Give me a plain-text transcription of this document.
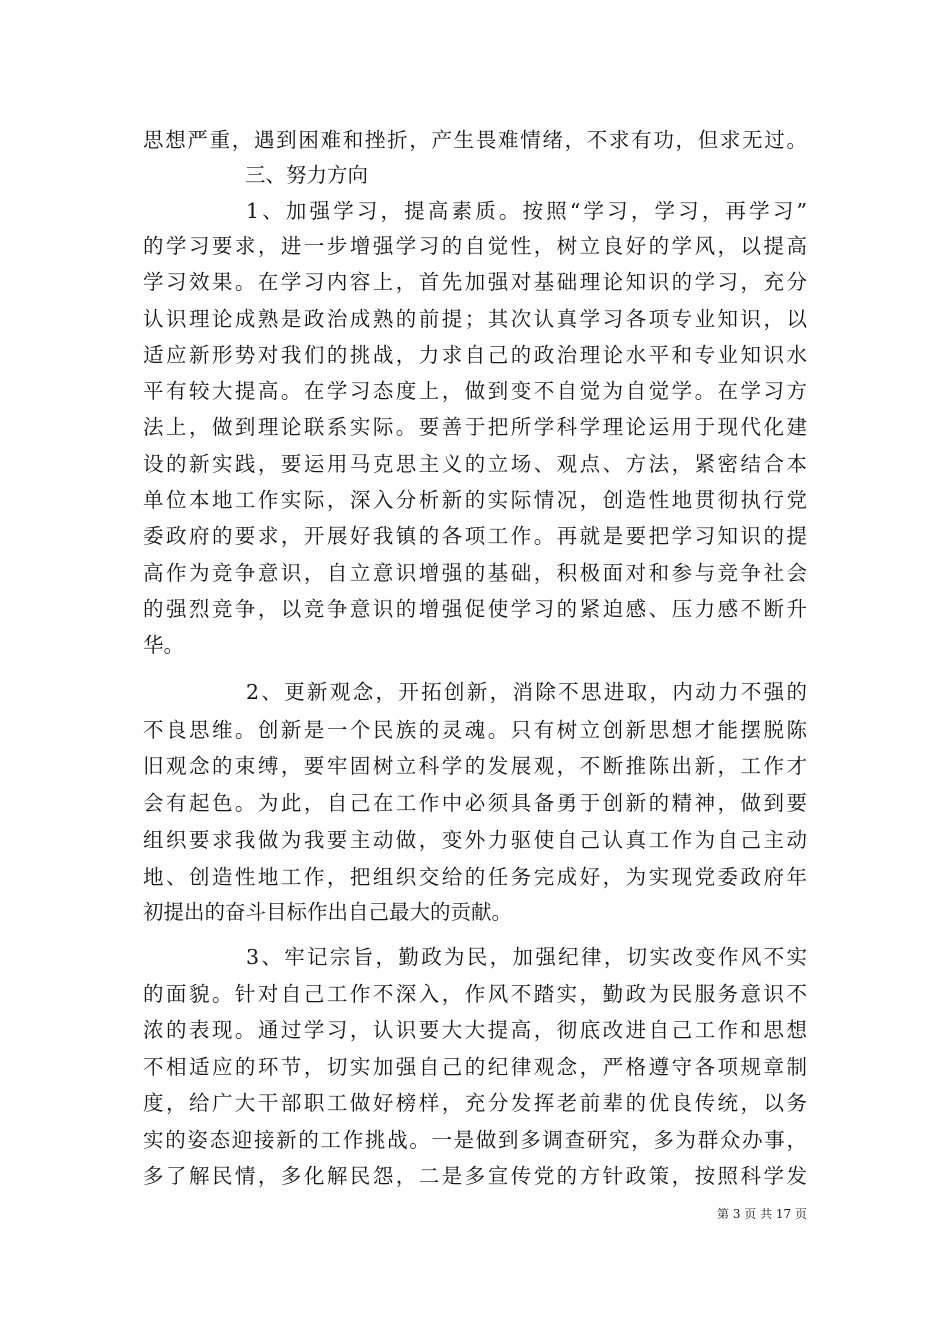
思想严重，遇到困难和挫折，产生畏难情绪，不求有功，但求无过。
三、努力方向
1、加强学习，提高素质。按照“学习，学习，再学习”
的学习要求，进一步增强学习的自觉性，树立良好的学风，以提高
学习效果。在学习内容上，首先加强对基础理论知识的学习，充分
认识理论成熟是政治成熟的前提；其次认真学习各项专业知识，以
适应新形势对我们的挑战，力求自己的政治理论水平和专业知识水
平有较大提高。在学习态度上，做到变不自觉为自觉学。在学习方
法上，做到理论联系实际。要善于把所学科学理论运用于现代化建
设的新实践，要运用马克思主义的立场、观点、方法，紧密结合本
单位本地工作实际，深入分析新的实际情况，创造性地贯彻执行党
委政府的要求，开展好我镇的各项工作。再就是要把学习知识的提
高作为竞争意识，自立意识增强的基础，积极面对和参与竞争社会
的强烈竞争，以竞争意识的增强促使学习的紧迫感、压力感不断升
华。
2、更新观念，开拓创新，消除不思进取，内动力不强的
不良思维。创新是一个民族的灵魂。只有树立创新思想才能摆脱陈
旧观念的束缚，要牢固树立科学的发展观，不断推陈出新，工作才
会有起色。为此，自己在工作中必须具备勇于创新的精神，做到要
组织要求我做为我要主动做，变外力驱使自己认真工作为自己主动
地、创造性地工作，把组织交给的任务完成好，为实现党委政府年
初提出的奋斗目标作出自己最大的贡献。
3、牢记宗旨，勤政为民，加强纪律，切实改变作风不实
的面貌。针对自己工作不深入，作风不踏实，勤政为民服务意识不
浓的表现。通过学习，认识要大大提高，彻底改进自己工作和思想
不相适应的环节，切实加强自己的纪律观念，严格遵守各项规章制
度，给广大干部职工做好榜样，充分发挥老前辈的优良传统，以务
实的姿态迎接新的工作挑战。一是做到多调查研究，多为群众办事，
多了解民情，多化解民怨，二是多宣传党的方针政策，按照科学发
第 3 页 共 17 页
